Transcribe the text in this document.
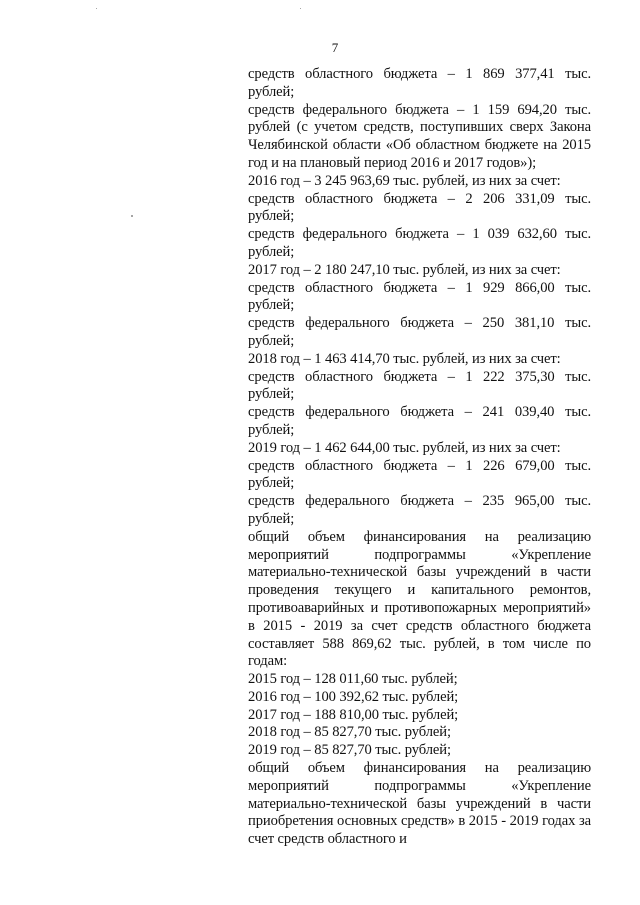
7

средств областного бюджета – 1 869 377,41 тыс. рублей;

средств федерального бюджета – 1 159 694,20 тыс. рублей (с учетом средств, поступивших сверх Закона Челябинской области «Об областном бюджете на 2015 год и на плановый период 2016 и 2017 годов»);

2016 год – 3 245 963,69 тыс. рублей, из них за счет:

средств областного бюджета – 2 206 331,09 тыс. рублей;

средств федерального бюджета – 1 039 632,60 тыс. рублей;

2017 год – 2 180 247,10 тыс. рублей, из них за счет:

средств областного бюджета – 1 929 866,00 тыс. рублей;

средств федерального бюджета – 250 381,10 тыс. рублей;

2018 год – 1 463 414,70 тыс. рублей, из них за счет:

средств областного бюджета – 1 222 375,30 тыс. рублей;

средств федерального бюджета – 241 039,40 тыс. рублей;

2019 год – 1 462 644,00 тыс. рублей, из них за счет:

средств областного бюджета – 1 226 679,00 тыс. рублей;

средств федерального бюджета – 235 965,00 тыс. рублей;

общий объем финансирования на реализацию мероприятий подпрограммы «Укрепление материально-технической базы учреждений в части проведения текущего и капитального ремонтов, противоаварийных и противопожарных мероприятий» в 2015 - 2019 за счет средств областного бюджета составляет 588 869,62 тыс. рублей, в том числе по годам:

2015 год – 128 011,60 тыс. рублей;

2016 год – 100 392,62 тыс. рублей;

2017 год – 188 810,00 тыс. рублей;

2018 год – 85 827,70 тыс. рублей;

2019 год – 85 827,70 тыс. рублей;

общий объем финансирования на реализацию мероприятий подпрограммы «Укрепление материально-технической базы учреждений в части приобретения основных средств» в 2015 - 2019 годах за счет средств областного и
